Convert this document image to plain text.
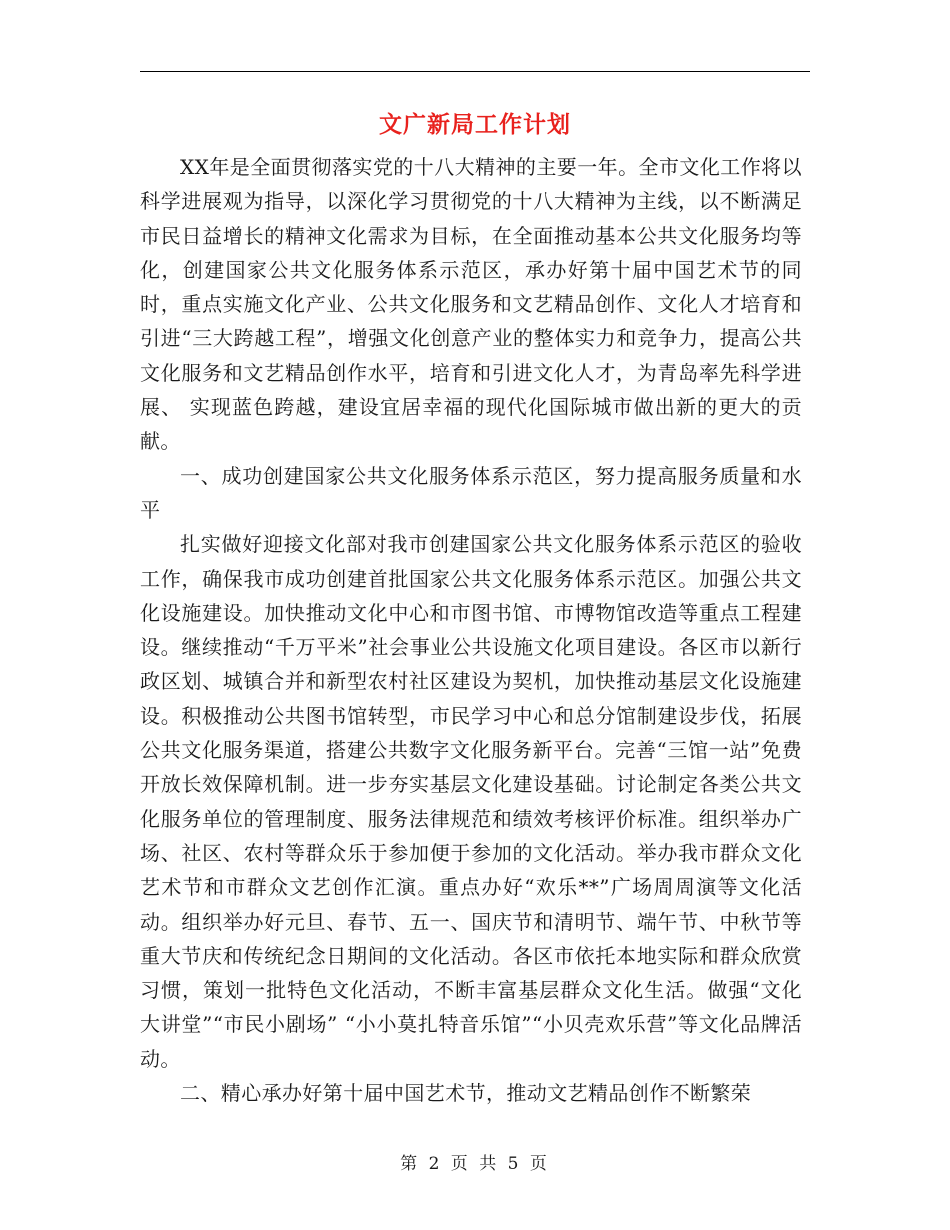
文广新局工作计划

XX年是全面贯彻落实党的十八大精神的主要一年。全市文化工作将以科学进展观为指导，以深化学习贯彻党的十八大精神为主线，以不断满足市民日益增长的精神文化需求为目标，在全面推动基本公共文化服务均等化，创建国家公共文化服务体系示范区，承办好第十届中国艺术节的同时，重点实施文化产业、公共文化服务和文艺精品创作、文化人才培育和引进“三大跨越工程”，增强文化创意产业的整体实力和竞争力，提高公共文化服务和文艺精品创作水平，培育和引进文化人才，为青岛率先科学进展、 实现蓝色跨越，建设宜居幸福的现代化国际城市做出新的更大的贡献。

一、成功创建国家公共文化服务体系示范区，努力提高服务质量和水平

扎实做好迎接文化部对我市创建国家公共文化服务体系示范区的验收工作，确保我市成功创建首批国家公共文化服务体系示范区。加强公共文化设施建设。加快推动文化中心和市图书馆、市博物馆改造等重点工程建设。继续推动“千万平米”社会事业公共设施文化项目建设。各区市以新行政区划、城镇合并和新型农村社区建设为契机，加快推动基层文化设施建设。积极推动公共图书馆转型，市民学习中心和总分馆制建设步伐，拓展公共文化服务渠道，搭建公共数字文化服务新平台。完善“三馆一站”免费开放长效保障机制。进一步夯实基层文化建设基础。讨论制定各类公共文化服务单位的管理制度、服务法律规范和绩效考核评价标准。组织举办广场、社区、农村等群众乐于参加便于参加的文化活动。举办我市群众文化艺术节和市群众文艺创作汇演。重点办好“欢乐**”广场周周演等文化活动。组织举办好元旦、春节、五一、国庆节和清明节、端午节、中秋节等重大节庆和传统纪念日期间的文化活动。各区市依托本地实际和群众欣赏习惯，策划一批特色文化活动，不断丰富基层群众文化生活。做强“文化大讲堂”“市民小剧场” “小小莫扎特音乐馆”“小贝壳欢乐营”等文化品牌活动。

二、精心承办好第十届中国艺术节，推动文艺精品创作不断繁荣

第 2 页 共 5 页
